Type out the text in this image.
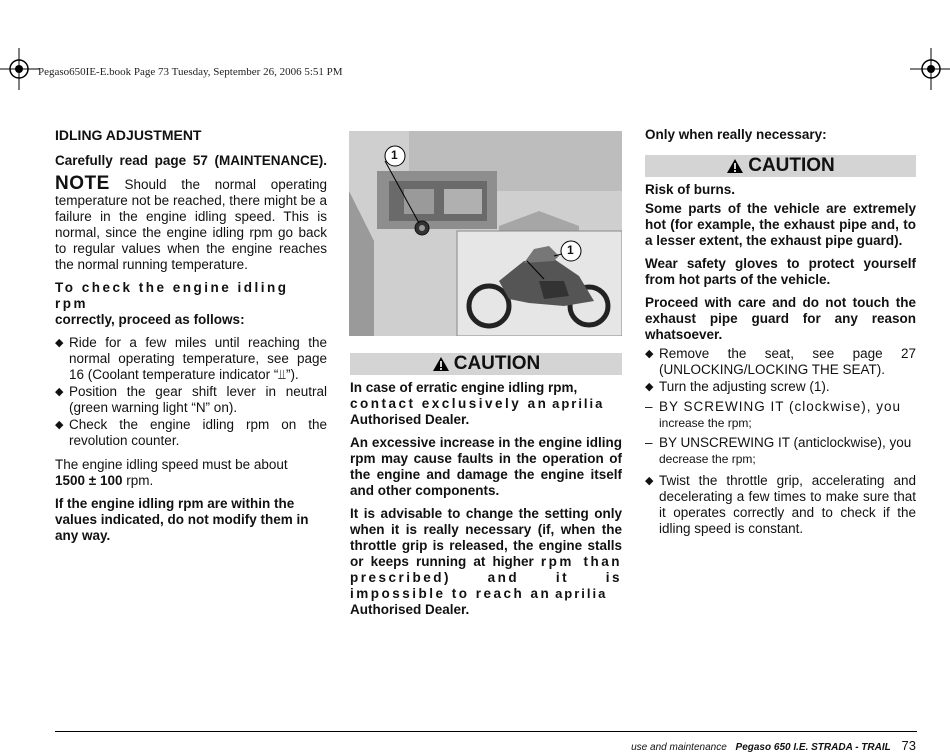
Pegaso650IE-E.book Page 73 Tuesday, September 26, 2006 5:51 PM

IDLING ADJUSTMENT

Carefully read page 57 (MAINTENANCE).

NOTE Should the normal operating temperature not be reached, there might be a failure in the engine idling speed. This is normal, since the engine idling rpm go back to regular values when the engine reaches the normal running temperature.

To check the engine idling rpm
correctly, proceed as follows:

◆ Ride for a few miles until reaching the normal operating temperature, see page 16 (Coolant temperature indicator “⫫”).
◆ Position the gear shift lever in neutral (green warning light “N” on).
◆ Check the engine idling rpm on the revolution counter.

The engine idling speed must be about
1500 ± 100 rpm.

If the engine idling rpm are within the values indicated, do not modify them in any way.

1
1
CAUTION

In case of erratic engine idling rpm,
contact exclusively an aprilia
Authorised Dealer.

An excessive increase in the engine idling rpm may cause faults in the operation of the engine and damage the engine itself and other components.

It is advisable to change the setting only when it is really necessary (if, when the throttle grip is released, the engine stalls or keeps running at higher rpm than prescribed) and it is impossible to reach an aprilia
Authorised Dealer.

Only when really necessary:

CAUTION

Risk of burns.

Some parts of the vehicle are extremely hot (for example, the exhaust pipe and, to a lesser extent, the exhaust pipe guard).

Wear safety gloves to protect yourself from hot parts of the vehicle.

Proceed with care and do not touch the exhaust pipe guard for any reason whatsoever.

◆ Remove the seat, see page 27 (UNLOCKING/LOCKING THE SEAT).
◆ Turn the adjusting screw (1).
– BY SCREWING IT (clockwise), you
increase the rpm;
– BY UNSCREWING IT (anticlockwise), you
decrease the rpm;
◆ Twist the throttle grip, accelerating and decelerating a few times to make sure that it operates correctly and to check if the idling speed is constant.
use and maintenance Pegaso 650 I.E. STRADA - TRAIL 73
